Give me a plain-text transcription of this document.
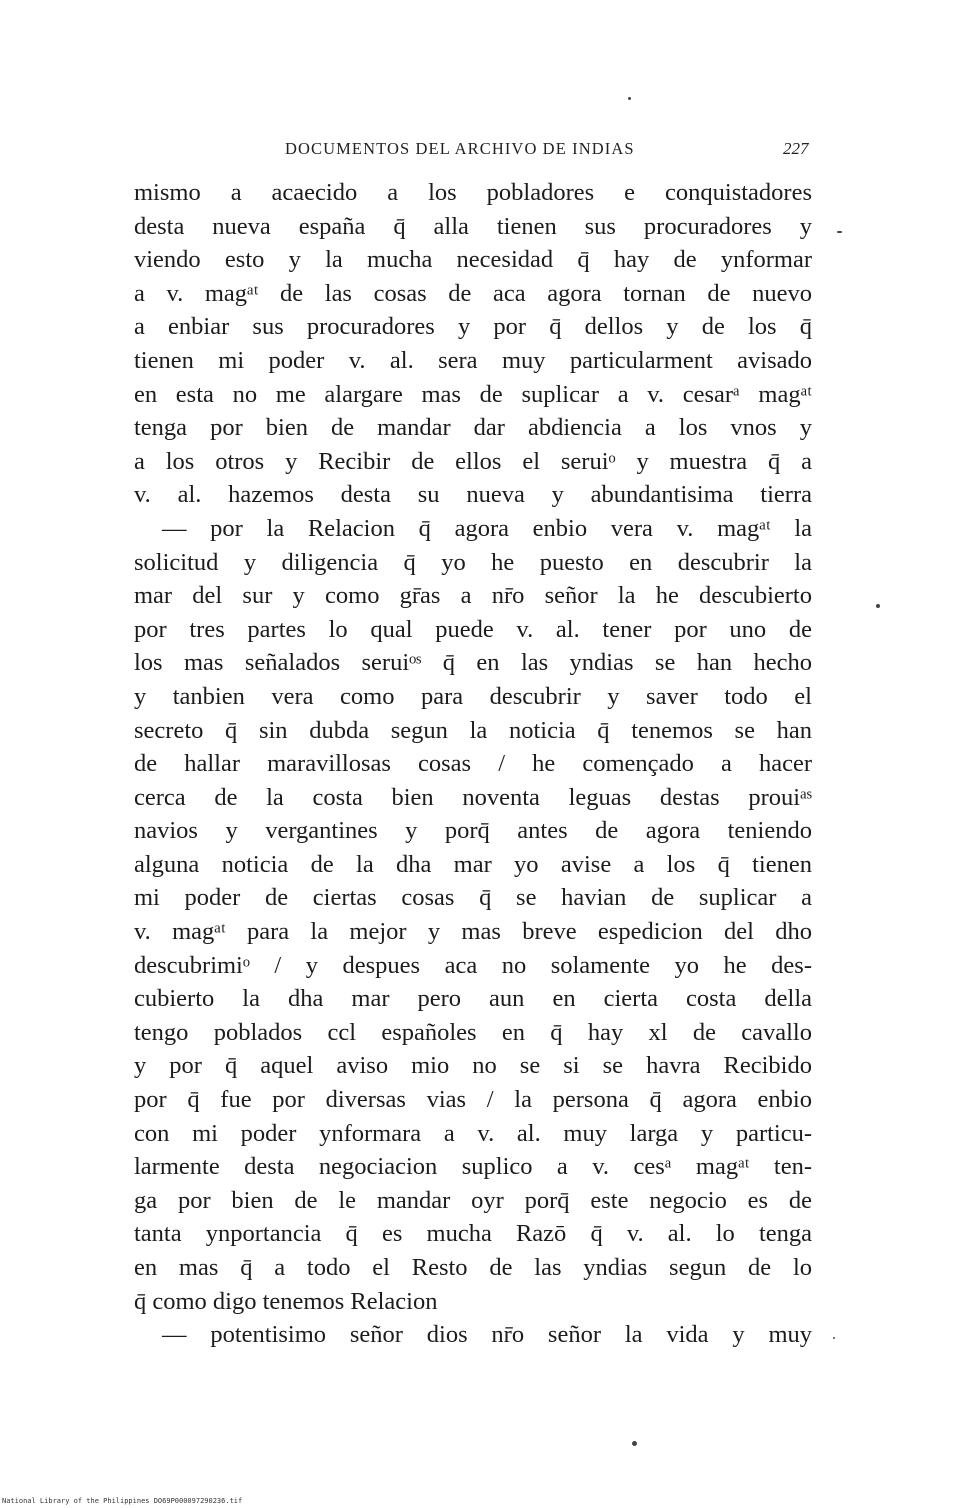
DOCUMENTOS DEL ARCHIVO DE INDIAS	227
mismo a acaecido a los pobladores e conquistadores
desta nueva españa q̄ alla tienen sus procuradores y
viendo esto y la mucha necesidad q̄ hay de ynformar
a v. magᵃᵗ de las cosas de aca agora tornan de nuevo
a enbiar sus procuradores y por q̄ dellos y de los q̄
tienen mi poder v. al. sera muy particularment avisado
en esta no me alargare mas de suplicar a v. cesarᵃ magᵃᵗ
tenga por bien de mandar dar abdiencia a los vnos y
a los otros y Recibir de ellos el seruiᵒ y muestra q̄ a
v. al. hazemos desta su nueva y abundantisima tierra
— por la Relacion q̄ agora enbio vera v. magᵃᵗ la
solicitud y diligencia q̄ yo he puesto en descubrir la
mar del sur y como gr̄as a nr̄o señor la he descubierto
por tres partes lo qual puede v. al. tener por uno de
los mas señalados seruiᵒˢ q̄ en las yndias se han hecho
y tanbien vera como para descubrir y saver todo el
secreto q̄ sin dubda segun la noticia q̄ tenemos se han
de hallar maravillosas cosas / he començado a hacer
cerca de la costa bien noventa leguas destas prouiᵃˢ
navios y vergantines y porq̄ antes de agora teniendo
alguna noticia de la dha mar yo avise a los q̄ tienen
mi poder de ciertas cosas q̄ se havian de suplicar a
v. magᵃᵗ para la mejor y mas breve espedicion del dho
descubrimiᵒ / y despues aca no solamente yo he des-
cubierto la dha mar pero aun en cierta costa della
tengo poblados ccl españoles en q̄ hay xl de cavallo
y por q̄ aquel aviso mio no se si se havra Recibido
por q̄ fue por diversas vias / la persona q̄ agora enbio
con mi poder ynformara a v. al. muy larga y particu-
larmente desta negociacion suplico a v. cesᵃ magᵃᵗ ten-
ga por bien de le mandar oyr porq̄ este negocio es de
tanta ynportancia q̄ es mucha Razō q̄ v. al. lo tenga
en mas q̄ a todo el Resto de las yndias segun de lo
q̄ como digo tenemos Relacion
— potentisimo señor dios nr̄o señor la vida y muy
National Library of the Philippines DO69P000097290236.tif
